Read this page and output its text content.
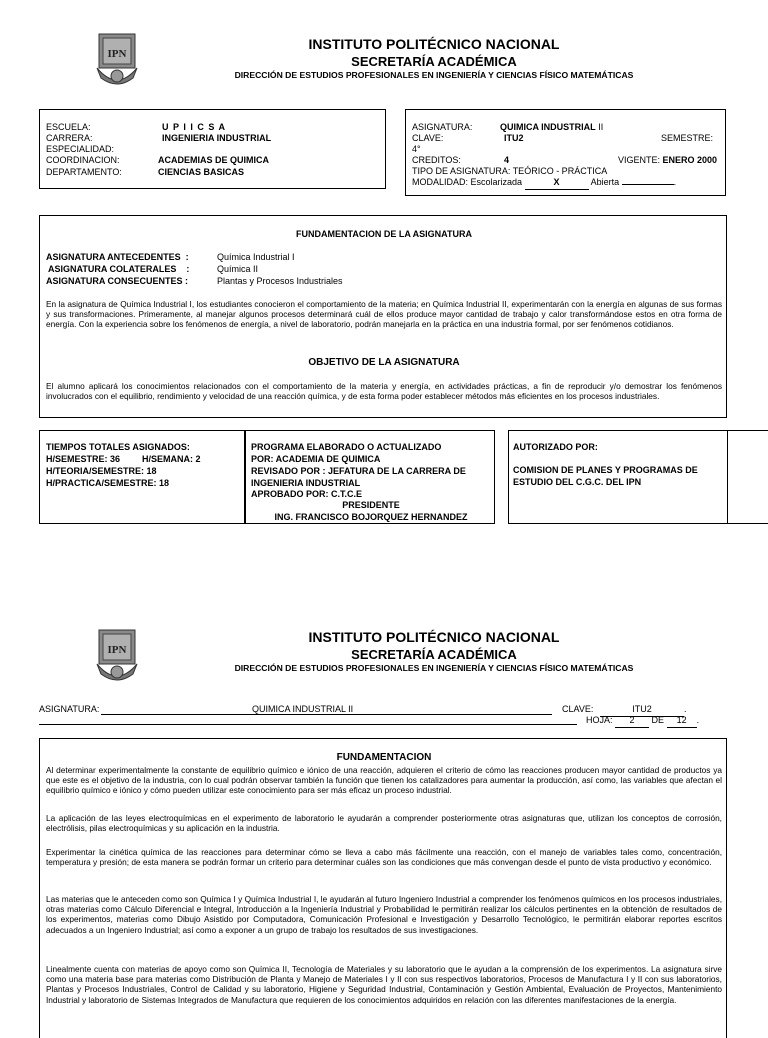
IPN
INSTITUTO POLITÉCNICO NACIONAL
SECRETARÍA ACADÉMICA
DIRECCIÓN DE ESTUDIOS PROFESIONALES EN INGENIERÍA Y CIENCIAS FÍSICO MATEMÁTICAS
ESCUELA:	U P I I C S A
CARRERA:	INGENIERIA INDUSTRIAL
ESPECIALIDAD:
COORDINACION:	ACADEMIAS DE QUIMICA
DEPARTAMENTO:	CIENCIAS BASICAS
ASIGNATURA:	QUIMICA INDUSTRIAL II
CLAVE:	ITU2	SEMESTRE:
4°
CREDITOS:	4	VIGENTE: ENERO 2000
TIPO DE ASIGNATURA: TEÓRICO - PRÁCTICA
MODALIDAD: Escolarizada	X	Abierta	.
FUNDAMENTACION DE LA ASIGNATURA
ASIGNATURA ANTECEDENTES  :	Química Industrial I
ASIGNATURA COLATERALES    :	Química II
ASIGNATURA CONSECUENTES :	Plantas y Procesos Industriales
En la asignatura de Química Industrial I, los estudiantes conocieron el comportamiento de la materia; en Química Industrial II, experimentarán con la energía en algunas de sus formas y sus transformaciones. Primeramente, al manejar algunos procesos determinará cuál de ellos produce mayor cantidad de trabajo y calor transformándose estos en otra forma de energía. Con la experiencia sobre los fenómenos de energía, a nivel de laboratorio, podrán manejarla en la práctica en una industria formal, por ser fenómenos cotidianos.
OBJETIVO DE LA ASIGNATURA
El alumno aplicará los conocimientos relacionados con el comportamiento de la materia y energía, en actividades prácticas, a fin de reproducir y/o demostrar los fenómenos involucrados con el equilibrio, rendimiento y velocidad de una reacción química, y de esta forma poder establecer métodos más eficientes en los procesos industriales.
TIEMPOS TOTALES ASIGNADOS:
H/SEMESTRE: 36 H/SEMANA: 2
H/TEORIA/SEMESTRE: 18
H/PRACTICA/SEMESTRE: 18
PROGRAMA ELABORADO O ACTUALIZADO
POR: ACADEMIA DE QUIMICA
REVISADO POR : JEFATURA DE LA CARRERA DE
INGENIERIA INDUSTRIAL
APROBADO POR: C.T.C.E
PRESIDENTE
ING. FRANCISCO BOJORQUEZ HERNANDEZ
AUTORIZADO POR:
COMISION DE PLANES Y PROGRAMAS DE
ESTUDIO DEL C.G.C. DEL IPN
IPN
INSTITUTO POLITÉCNICO NACIONAL
SECRETARÍA ACADÉMICA
DIRECCIÓN DE ESTUDIOS PROFESIONALES EN INGENIERÍA Y CIENCIAS FÍSICO MATEMÁTICAS
ASIGNATURA:	QUIMICA INDUSTRIAL II	CLAVE:	ITU2	.
HOJA: 2 DE 12 .
FUNDAMENTACION
Al determinar experimentalmente la constante de equilibrio químico e iónico de una reacción, adquieren el criterio de cómo las reacciones producen mayor cantidad de productos ya que este es el objetivo de la industria, con lo cual podrán observar también la función que tienen los catalizadores para aumentar la producción, así como, las variables que afectan el equilibrio químico e iónico y cómo pueden utilizar este conocimiento para ser más eficaz un proceso industrial.
La aplicación de las leyes electroquímicas en el experimento de laboratorio le ayudarán a comprender posteriormente otras asignaturas que, utilizan los conceptos de corrosión, electrólisis, pilas electroquímicas y su aplicación en la industria.
Experimentar la cinética química de las reacciones para determinar cómo se lleva a cabo más fácilmente una reacción, con el manejo de variables tales como, concentración, temperatura y presión; de esta manera se podrán formar un criterio para determinar cuáles son las condiciones que más convengan desde el punto de vista productivo y económico.
Las materias que le anteceden como son Química I y Química Industrial I, le ayudarán al futuro Ingeniero Industrial a comprender los fenómenos químicos en los procesos industriales, otras materias como Cálculo Diferencial e Integral, Introducción a la Ingeniería Industrial y Probabilidad le permitirán realizar los cálculos pertinentes en la obtención de resultados de los experimentos, materias como Dibujo Asistido por Computadora, Comunicación Profesional e Investigación y Desarrollo Tecnológico, le permitirán elaborar reportes escritos adecuados a un Ingeniero Industrial; así como a exponer a un grupo de trabajo los resultados de sus investigaciones.
Linealmente cuenta con materias de apoyo como son Química II, Tecnología de Materiales y su laboratorio que le ayudan a la comprensión de los experimentos. La asignatura sirve como una materia base para materias como Distribución de Planta y Manejo de Materiales I y II con sus respectivos laboratorios, Procesos de Manufactura I y II con sus laboratorios, Plantas y Procesos Industriales, Control de Calidad y su laboratorio, Higiene y Seguridad Industrial, Contaminación y Gestión Ambiental, Evaluación de Proyectos, Mantenimiento Industrial y laboratorio de Sistemas Integrados de Manufactura que requieren de los conocimientos adquiridos en relación con las diferentes manifestaciones de la energía.
